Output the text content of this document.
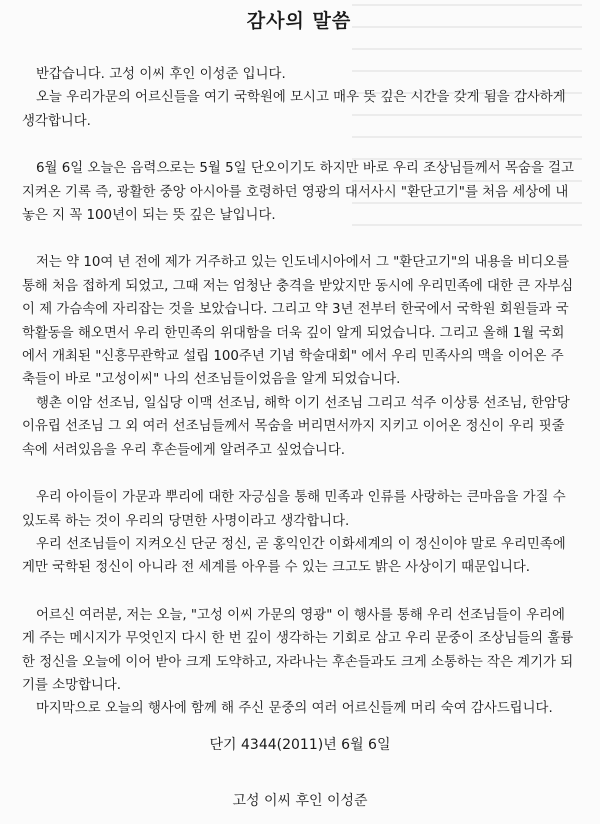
감사의 말씀

반갑습니다. 고성 이씨 후인 이성준 입니다.

오늘 우리가문의 어르신들을 여기 국학원에 모시고 매우 뜻 깊은 시간을 갖게 됨을 감사하게 생각합니다.

6월 6일 오늘은 음력으로는 5월 5일 단오이기도 하지만 바로 우리 조상님들께서 목숨을 걸고 지켜온 기록 즉, 광활한 중앙 아시아를 호령하던 영광의 대서사시 "환단고기"를 처음 세상에 내놓은 지 꼭 100년이 되는 뜻 깊은 날입니다.

저는 약 10여 년 전에 제가 거주하고 있는 인도네시아에서 그 "환단고기"의 내용을 비디오를 통해 처음 접하게 되었고, 그때 저는 엄청난 충격을 받았지만 동시에 우리민족에 대한 큰 자부심이 제 가슴속에 자리잡는 것을 보았습니다. 그리고 약 3년 전부터 한국에서 국학원 회원들과 국학활동을 해오면서 우리 한민족의 위대함을 더욱 깊이 알게 되었습니다. 그리고 올해 1월 국회에서 개최된 "신흥무관학교 설립 100주년 기념 학술대회" 에서 우리 민족사의 맥을 이어온 주축들이 바로 "고성이씨" 나의 선조님들이었음을 알게 되었습니다.

행촌 이암 선조님, 일십당 이맥 선조님, 해학 이기 선조님 그리고 석주 이상룡 선조님, 한암당 이유립 선조님 그 외 여러 선조님들께서 목숨을 버리면서까지 지키고 이어온 정신이 우리 핏줄 속에 서려있음을 우리 후손들에게 알려주고 싶었습니다.

우리 아이들이 가문과 뿌리에 대한 자긍심을 통해 민족과 인류를 사랑하는 큰마음을 가질 수 있도록 하는 것이 우리의 당면한 사명이라고 생각합니다.

우리 선조님들이 지켜오신 단군 정신, 곧 홍익인간 이화세계의 이 정신이야 말로 우리민족에게만 국학된 정신이 아니라 전 세계를 아우를 수 있는 크고도 밝은 사상이기 때문입니다.

어르신 여러분, 저는 오늘, "고성 이씨 가문의 영광" 이 행사를 통해 우리 선조님들이 우리에게 주는 메시지가 무엇인지 다시 한 번 깊이 생각하는 기회로 삼고 우리 문중이 조상님들의 훌륭한 정신을 오늘에 이어 받아 크게 도약하고, 자라나는 후손들과도 크게 소통하는 작은 계기가 되기를 소망합니다.

마지막으로 오늘의 행사에 함께 해 주신 문중의 여러 어르신들께 머리 숙여 감사드립니다.

단기 4344(2011)년 6월 6일
고성 이씨 후인 이성준
